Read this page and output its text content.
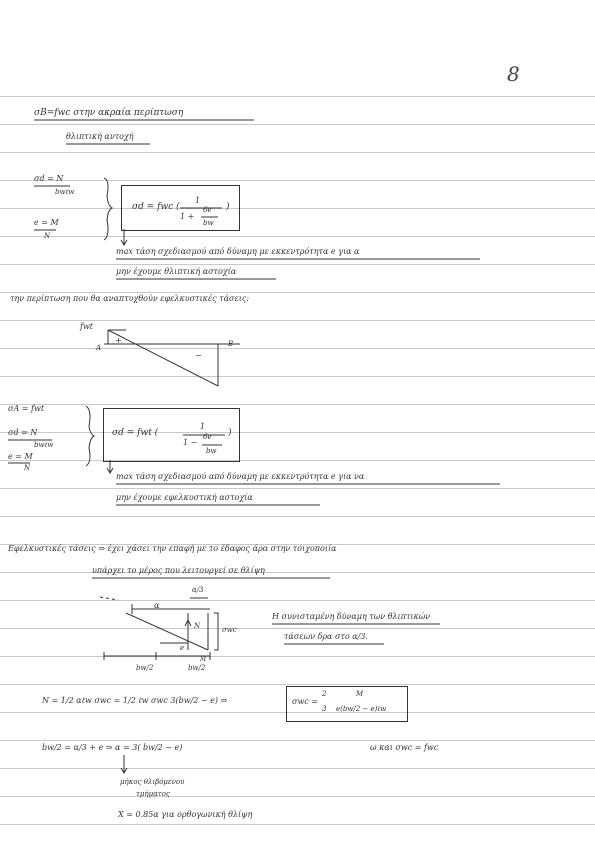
8
σΒ=fwc στην ακραία περίπτωση
θλιπτική αντοχή
σd = N
bwℓw
e = M
N
σd = fwc (
1
1 +
6e
bw
)
max τάση σχεδιασμού από δύναμη με εκκεντρότητα e για α
μην έχουμε θλιπτική αστοχία
την περίπτωση που θα αναπτυχθούν εφελκυστικές τάσεις:
fwt
+
−
A	B
σA = fwt
σd = N
bwℓw
e = M
N
σd = fwt (
1
1 −
6e
bw
)
max τάση σχεδιασμού από δύναμη με εκκεντρότητα e για να
μην έχουμε εφελκυστική αστοχία
Εφελκυστικές τάσεις ⇒ έχει χάσει την επαφή με το έδαφος άρα στην τοιχοποιία
υπάρχει το μέρος που λειτουργεί σε θλίψη
α/3
α
N
e
σwc
bw/2	bw/2
M
Η συνισταμένη δύναμη των θλιπτικών
τάσεων δρα στο α/3.
N = 1/2 αℓw σwc = 1/2 ℓw σwc 3(bw/2 − e) ⇒	σwc =
2
3
M
e(bw/2 − e)ℓw
bw/2 = α/3 + e ⇒ α = 3( bw/2 − e)	ω και σwc = fwc
μήκος θλιβόμενου
τμήματος
X = 0.85α για ορθογωνική θλίψη
